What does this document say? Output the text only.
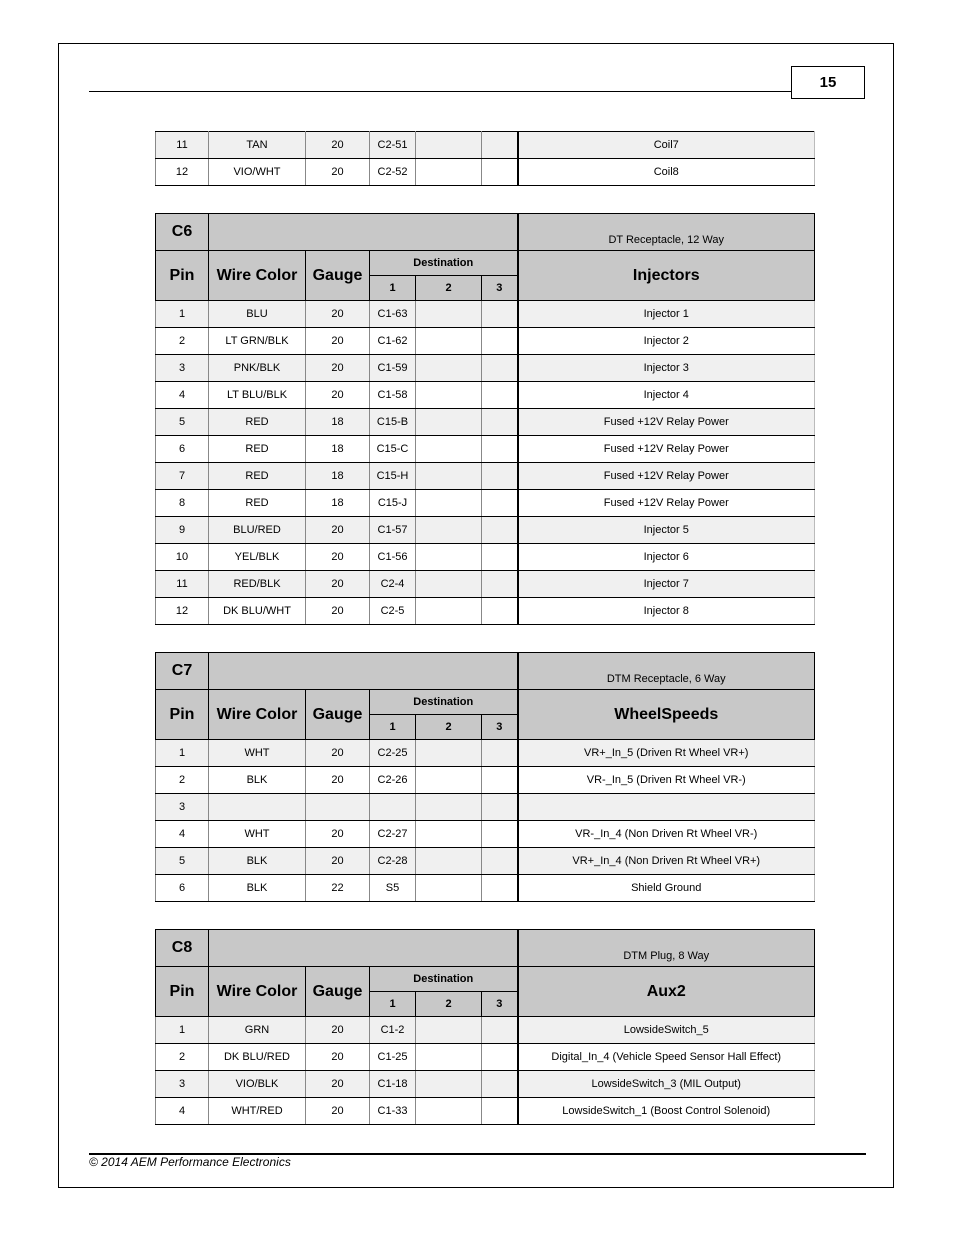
15
11	TAN	20	C2-51			Coil7
12	VIO/WHT	20	C2-52			Coil8
C6						DT Receptacle, 12 Way
Pin	Wire Color	Gauge	Destination			Injectors
			1	2	3	
1	BLU	20	C1-63			Injector 1
2	LT GRN/BLK	20	C1-62			Injector 2
3	PNK/BLK	20	C1-59			Injector 3
4	LT BLU/BLK	20	C1-58			Injector 4
5	RED	18	C15-B			Fused +12V Relay Power
6	RED	18	C15-C			Fused +12V Relay Power
7	RED	18	C15-H			Fused +12V Relay Power
8	RED	18	C15-J			Fused +12V Relay Power
9	BLU/RED	20	C1-57			Injector 5
10	YEL/BLK	20	C1-56			Injector 6
11	RED/BLK	20	C2-4			Injector 7
12	DK BLU/WHT	20	C2-5			Injector 8
C7						DTM Receptacle, 6 Way
Pin	Wire Color	Gauge	Destination			WheelSpeeds
			1	2	3	
1	WHT	20	C2-25			VR+_In_5 (Driven Rt Wheel VR+)
2	BLK	20	C2-26			VR-_In_5 (Driven Rt Wheel VR-)
3						
4	WHT	20	C2-27			VR-_In_4 (Non Driven Rt Wheel VR-)
5	BLK	20	C2-28			VR+_In_4 (Non Driven Rt Wheel VR+)
6	BLK	22	S5			Shield Ground
C8						DTM Plug, 8 Way
Pin	Wire Color	Gauge	Destination			Aux2
			1	2	3	
1	GRN	20	C1-2			LowsideSwitch_5
2	DK BLU/RED	20	C1-25			Digital_In_4 (Vehicle Speed Sensor Hall Effect)
3	VIO/BLK	20	C1-18			LowsideSwitch_3 (MIL Output)
4	WHT/RED	20	C1-33			LowsideSwitch_1 (Boost Control Solenoid)
© 2014 AEM Performance Electronics
